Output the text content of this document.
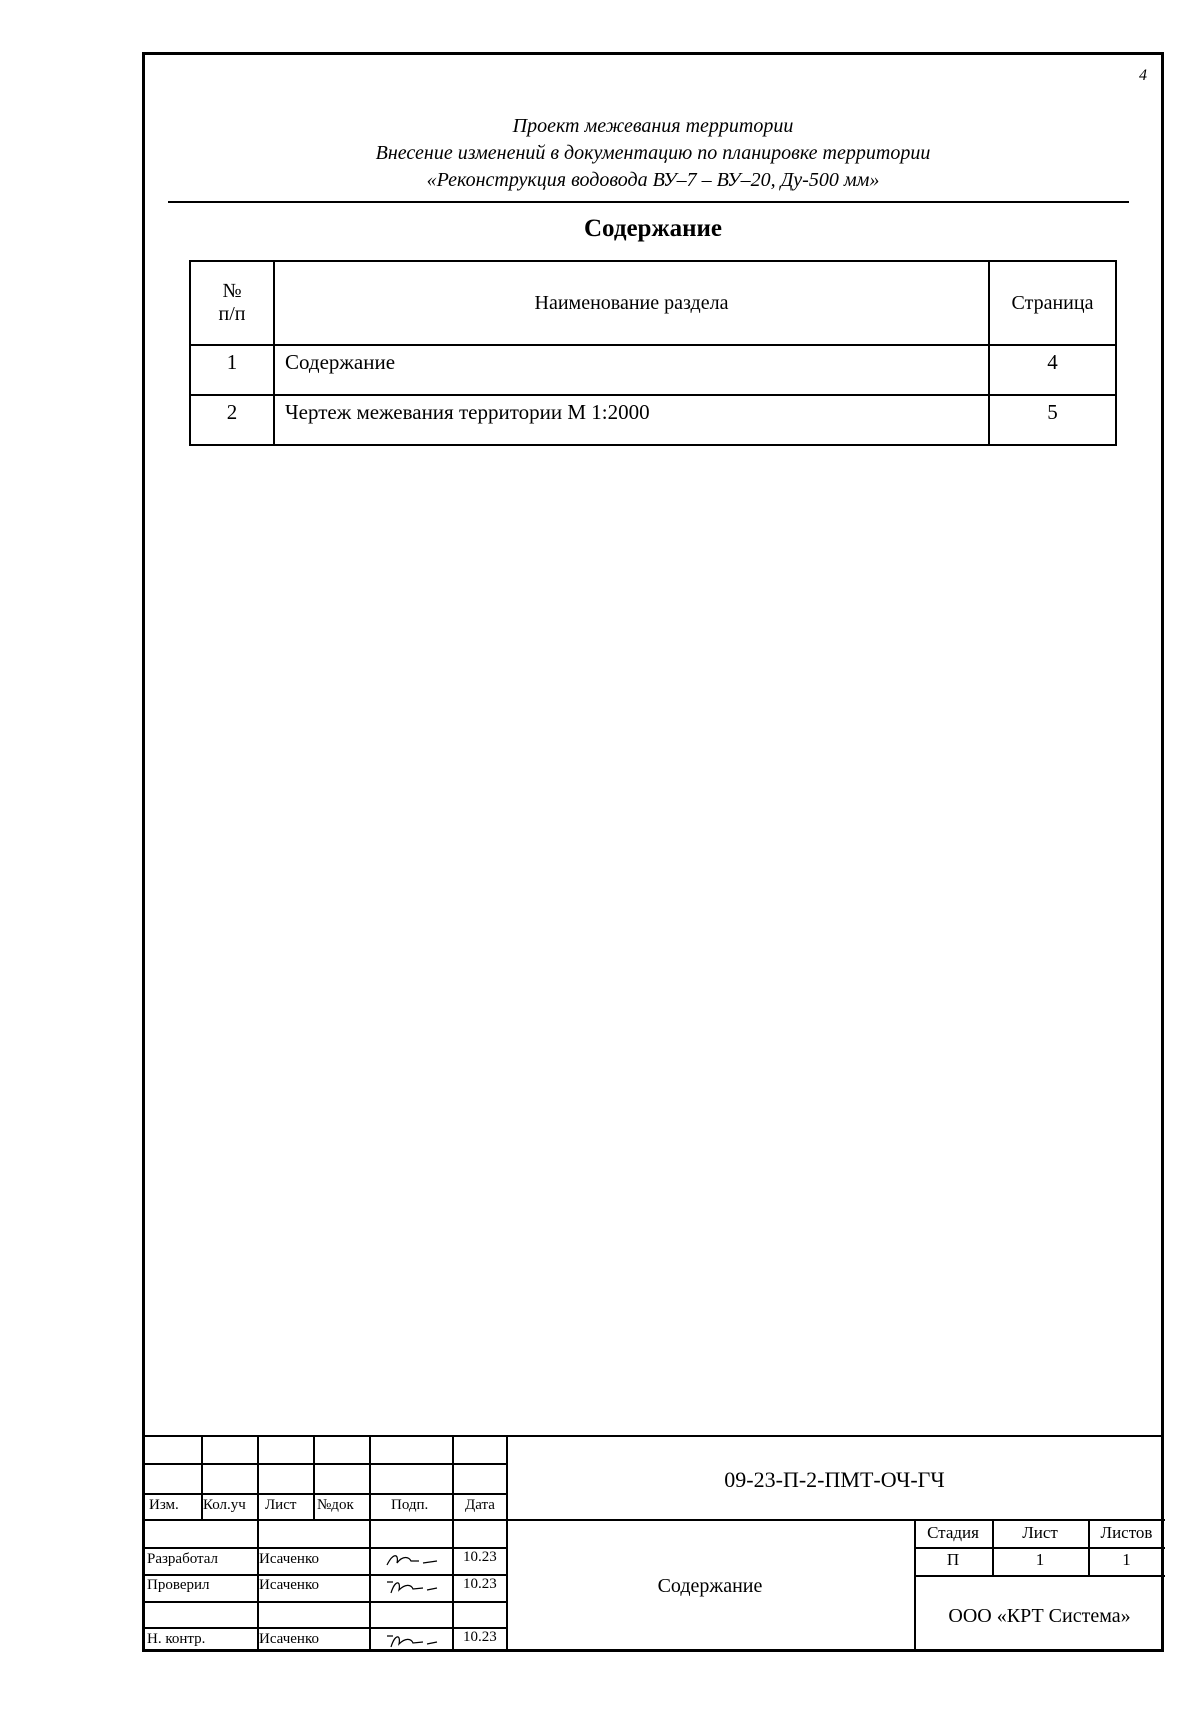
4
Проект межевания территории
Внесение изменений в документацию по планировке территории
«Реконструкция водовода ВУ–7 – ВУ–20, Ду-500 мм»
Содержание
№
п/п	Наименование раздела	Страница
1	Содержание	4
2	Чертеж межевания территории М 1:2000	5
Изм. Кол.уч Лист №док Подп. Дата
Разработал	Исаченко	10.23
Проверил	Исаченко	10.23
Н. контр.	Исаченко	10.23
09-23-П-2-ПМТ-ОЧ-ГЧ
Содержание
Стадия	Лист	Листов
П	1	1
ООО «КРТ Система»
